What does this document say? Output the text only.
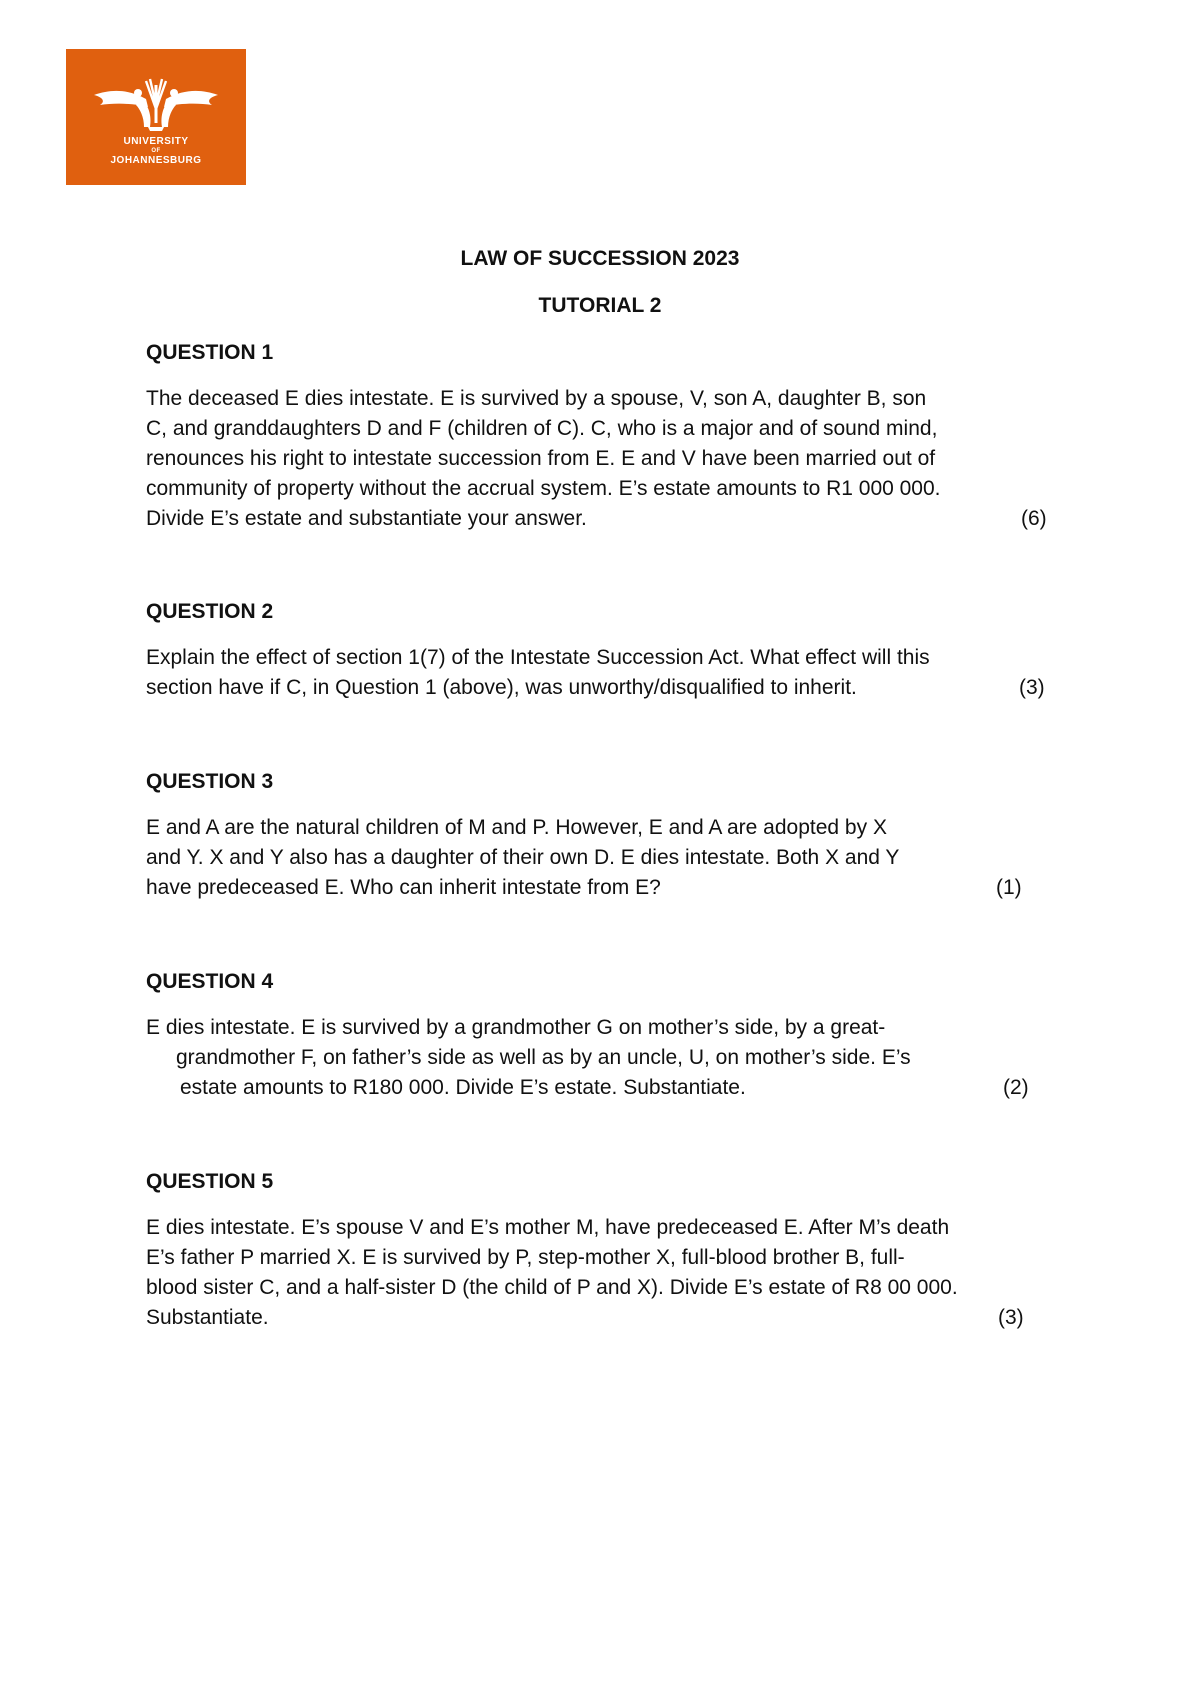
UNIVERSITY
OF
JOHANNESBURG
LAW OF SUCCESSION 2023
TUTORIAL 2
QUESTION 1
The deceased E dies intestate. E is survived by a spouse, V, son A, daughter B, son
C, and granddaughters D and F (children of C). C, who is a major and of sound mind,
renounces his right to intestate succession from E. E and V have been married out of
community of property without the accrual system. E’s estate amounts to R1 000 000.
Divide E’s estate and substantiate your answer.	(6)
QUESTION 2
Explain the effect of section 1(7) of the Intestate Succession Act. What effect will this
section have if C, in Question 1 (above), was unworthy/disqualified to inherit.	(3)
QUESTION 3
E and A are the natural children of M and P. However, E and A are adopted by X
and Y. X and Y also has a daughter of their own D. E dies intestate. Both X and Y
have predeceased E. Who can inherit intestate from E?	(1)
QUESTION 4
E dies intestate. E is survived by a grandmother G on mother’s side, by a great-
grandmother F, on father’s side as well as by an uncle, U, on mother’s side. E’s
estate amounts to R180 000. Divide E’s estate. Substantiate.	(2)
QUESTION 5
E dies intestate. E’s spouse V and E’s mother M, have predeceased E. After M’s death
E’s father P married X. E is survived by P, step-mother X, full-blood brother B, full-
blood sister C, and a half-sister D (the child of P and X). Divide E’s estate of R8 00 000.
Substantiate.	(3)
